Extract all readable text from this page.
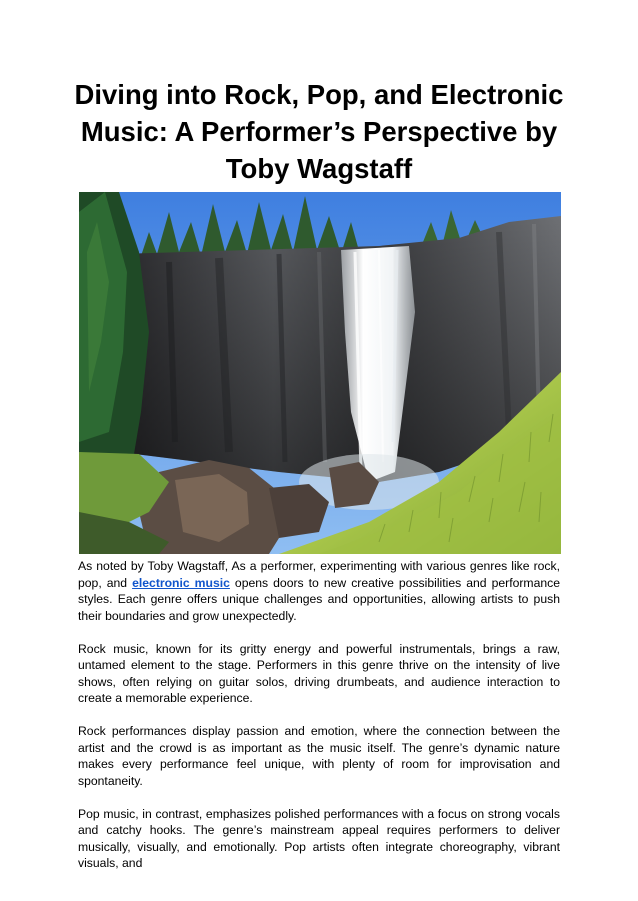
Diving into Rock, Pop, and Electronic Music: A Performer’s Perspective by Toby Wagstaff

As noted by Toby Wagstaff, As a performer, experimenting with various genres like rock, pop, and electronic music opens doors to new creative possibilities and performance styles. Each genre offers unique challenges and opportunities, allowing artists to push their boundaries and grow unexpectedly.

Rock music, known for its gritty energy and powerful instrumentals, brings a raw, untamed element to the stage. Performers in this genre thrive on the intensity of live shows, often relying on guitar solos, driving drumbeats, and audience interaction to create a memorable experience.

Rock performances display passion and emotion, where the connection between the artist and the crowd is as important as the music itself. The genre’s dynamic nature makes every performance feel unique, with plenty of room for improvisation and spontaneity.

Pop music, in contrast, emphasizes polished performances with a focus on strong vocals and catchy hooks. The genre’s mainstream appeal requires performers to deliver musically, visually, and emotionally. Pop artists often integrate choreography, vibrant visuals, and
